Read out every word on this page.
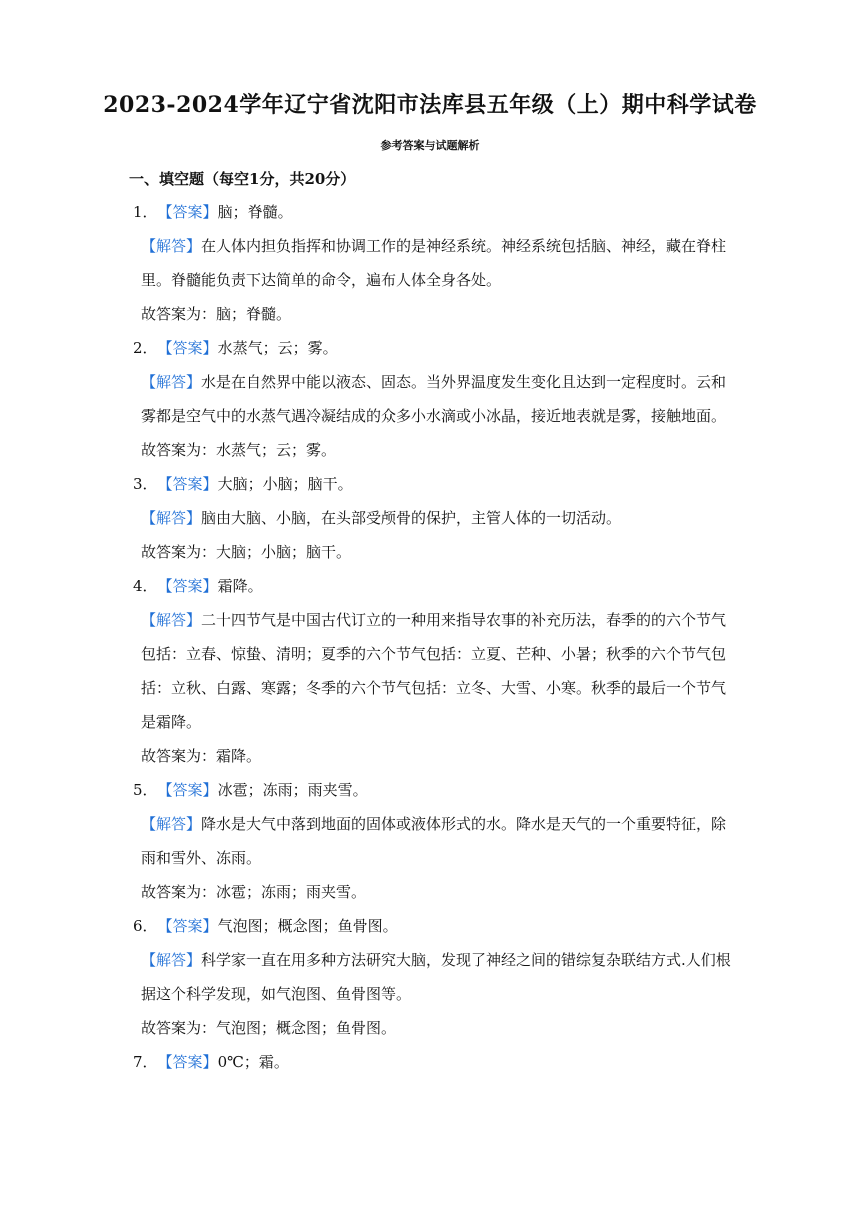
2023-2024学年辽宁省沈阳市法库县五年级（上）期中科学试卷
参考答案与试题解析
一、填空题（每空1分，共20分）
1．【答案】脑；脊髓。
【解答】在人体内担负指挥和协调工作的是神经系统。神经系统包括脑、神经，藏在脊柱里。脊髓能负责下达简单的命令，遍布人体全身各处。
故答案为：脑；脊髓。
2．【答案】水蒸气；云；雾。
【解答】水是在自然界中能以液态、固态。当外界温度发生变化且达到一定程度时。云和雾都是空气中的水蒸气遇冷凝结成的众多小水滴或小冰晶，接近地表就是雾，接触地面。
故答案为：水蒸气；云；雾。
3．【答案】大脑；小脑；脑干。
【解答】脑由大脑、小脑，在头部受颅骨的保护，主管人体的一切活动。
故答案为：大脑；小脑；脑干。
4．【答案】霜降。
【解答】二十四节气是中国古代订立的一种用来指导农事的补充历法，春季的的六个节气包括：立春、惊蛰、清明；夏季的六个节气包括：立夏、芒种、小暑；秋季的六个节气包括：立秋、白露、寒露；冬季的六个节气包括：立冬、大雪、小寒。秋季的最后一个节气是霜降。
故答案为：霜降。
5．【答案】冰雹；冻雨；雨夹雪。
【解答】降水是大气中落到地面的固体或液体形式的水。降水是天气的一个重要特征，除雨和雪外、冻雨。
故答案为：冰雹；冻雨；雨夹雪。
6．【答案】气泡图；概念图；鱼骨图。
【解答】科学家一直在用多种方法研究大脑，发现了神经之间的错综复杂联结方式.人们根据这个科学发现，如气泡图、鱼骨图等。
故答案为：气泡图；概念图；鱼骨图。
7．【答案】0℃；霜。
